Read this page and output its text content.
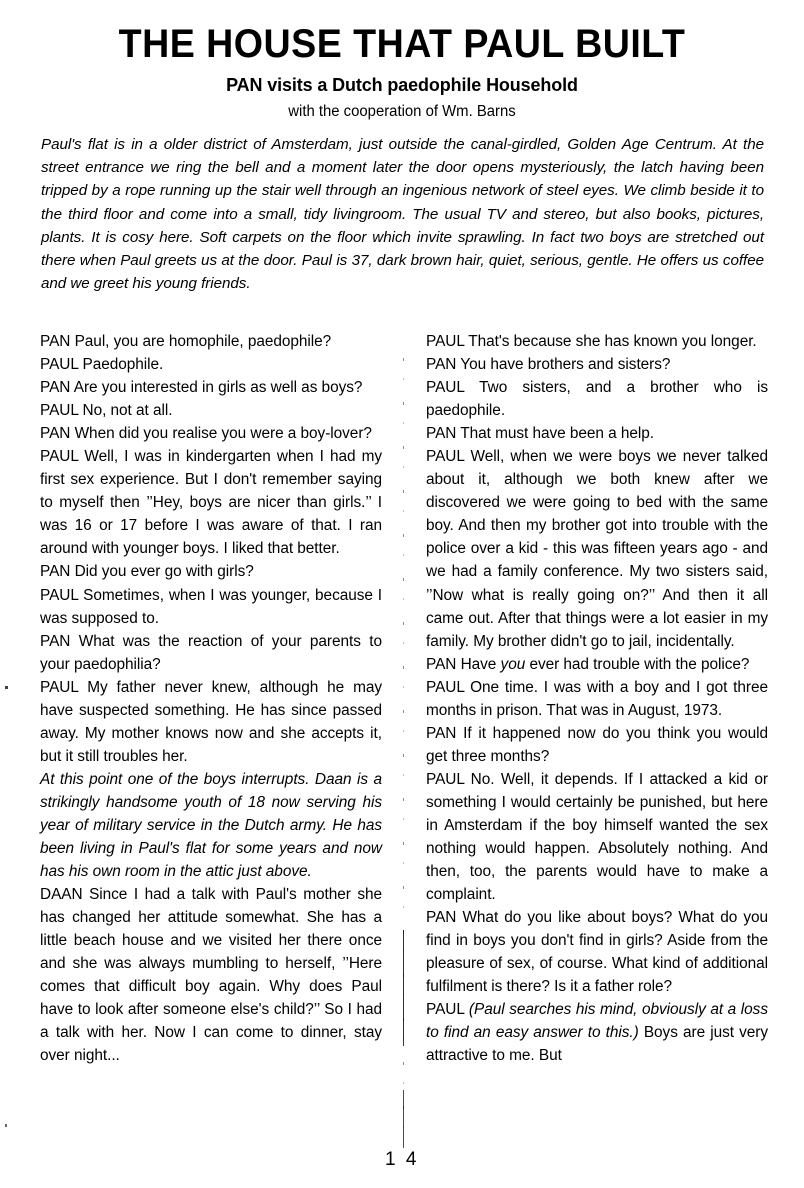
THE HOUSE THAT PAUL BUILT
PAN visits a Dutch paedophile Household
with the cooperation of Wm. Barns

Paul's flat is in a older district of Amsterdam, just outside the canal-girdled, Golden Age Centrum. At the street entrance we ring the bell and a moment later the door opens mysteriously, the latch having been tripped by a rope running up the stair well through an ingenious network of steel eyes. We climb beside it to the third floor and come into a small, tidy livingroom. The usual TV and stereo, but also books, pictures, plants. It is cosy here. Soft carpets on the floor which invite sprawling. In fact two boys are stretched out there when Paul greets us at the door. Paul is 37, dark brown hair, quiet, serious, gentle. He offers us coffee and we greet his young friends.

PAN Paul, you are homophile, paedophile?

PAUL Paedophile.

PAN Are you interested in girls as well as boys?

PAUL No, not at all.

PAN When did you realise you were a boy-lover?

PAUL Well, I was in kindergarten when I had my first sex experience. But I don't remember saying to myself then ’’Hey, boys are nicer than girls.’’ I was 16 or 17 before I was aware of that. I ran around with younger boys. I liked that better.

PAN Did you ever go with girls?

PAUL Sometimes, when I was younger, because I was supposed to.

PAN What was the reaction of your parents to your paedophilia?

PAUL My father never knew, although he may have suspected something. He has since passed away. My mother knows now and she accepts it, but it still troubles her.

At this point one of the boys interrupts. Daan is a strikingly handsome youth of 18 now serving his year of military service in the Dutch army. He has been living in Paul's flat for some years and now has his own room in the attic just above.

DAAN Since I had a talk with Paul's mother she has changed her attitude somewhat. She has a little beach house and we visited her there once and she was always mumbling to herself, ’’Here comes that difficult boy again. Why does Paul have to look after someone else's child?’’ So I had a talk with her. Now I can come to dinner, stay over night...

PAUL That's because she has known you longer.

PAN You have brothers and sisters?

PAUL Two sisters, and a brother who is paedophile.

PAN That must have been a help.

PAUL Well, when we were boys we never talked about it, although we both knew after we discovered we were going to bed with the same boy. And then my brother got into trouble with the police over a kid - this was fifteen years ago - and we had a family conference. My two sisters said, ’’Now what is really going on?’’ And then it all came out. After that things were a lot easier in my family. My brother didn't go to jail, incidentally.

PAN Have you ever had trouble with the police?

PAUL One time. I was with a boy and I got three months in prison. That was in August, 1973.

PAN If it happened now do you think you would get three months?

PAUL No. Well, it depends. If I attacked a kid or something I would certainly be punished, but here in Amsterdam if the boy himself wanted the sex nothing would happen. Absolutely nothing. And then, too, the parents would have to make a complaint.

PAN What do you like about boys? What do you find in boys you don't find in girls? Aside from the pleasure of sex, of course. What kind of additional fulfilment is there? Is it a father role?

PAUL (Paul searches his mind, obviously at a loss to find an easy answer to this.) Boys are just very attractive to me. But

1 4
